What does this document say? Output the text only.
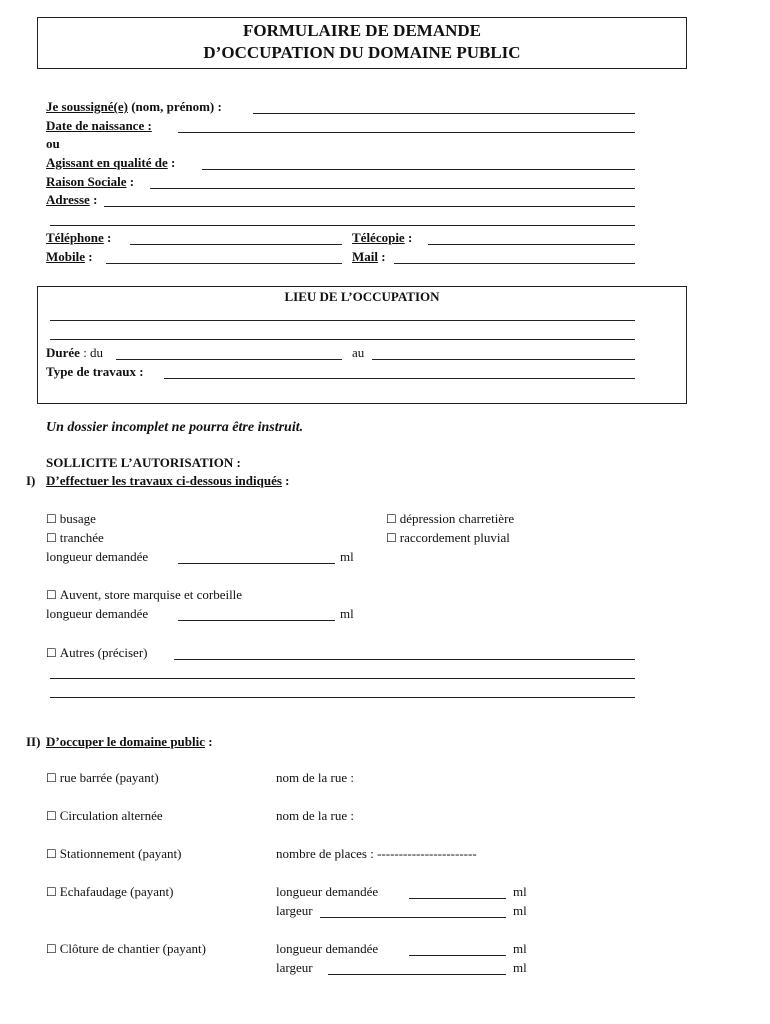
FORMULAIRE DE DEMANDE
D’OCCUPATION DU DOMAINE PUBLIC
Je soussigné(e) (nom, prénom) :
Date de naissance :
ou
Agissant en qualité de :
Raison Sociale :
Adresse :
Téléphone :	Télécopie :
Mobile :	Mail :
LIEU DE L’OCCUPATION
Durée : du	au
Type de travaux :
Un dossier incomplet ne pourra être instruit.
SOLLICITE L’AUTORISATION :
I) D’effectuer les travaux ci-dessous indiqués :
☐ busage	☐ dépression charretière
☐ tranchée	☐ raccordement pluvial
longueur demandée	ml
☐ Auvent, store marquise et corbeille
longueur demandée	ml
☐ Autres (préciser)
II) D’occuper le domaine public :
☐ rue barrée (payant)	nom de la rue :
☐ Circulation alternée	nom de la rue :
☐ Stationnement (payant)	nombre de places : -----------------------
☐ Echafaudage (payant)	longueur demandée	ml
largeur	ml
☐ Clôture de chantier (payant)	longueur demandée	ml
largeur	ml
